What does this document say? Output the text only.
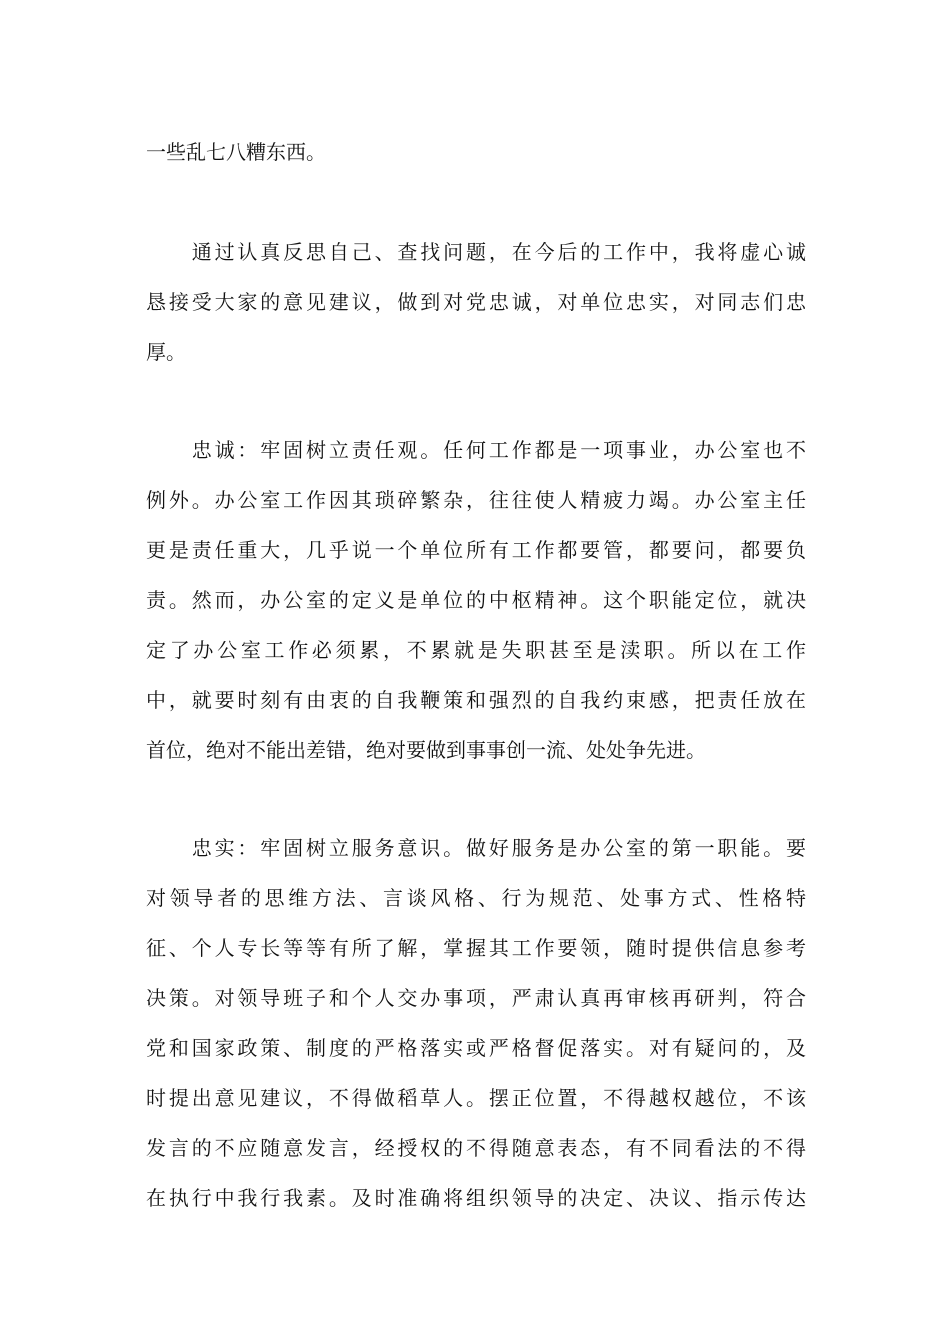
一些乱七八糟东西。
　　通过认真反思自己、查找问题，在今后的工作中，我将虚心诚
恳接受大家的意见建议，做到对党忠诚，对单位忠实，对同志们忠
厚。
　　忠诚：牢固树立责任观。任何工作都是一项事业，办公室也不
例外。办公室工作因其琐碎繁杂，往往使人精疲力竭。办公室主任
更是责任重大，几乎说一个单位所有工作都要管，都要问，都要负
责。然而，办公室的定义是单位的中枢精神。这个职能定位，就决
定了办公室工作必须累，不累就是失职甚至是渎职。所以在工作
中，就要时刻有由衷的自我鞭策和强烈的自我约束感，把责任放在
首位，绝对不能出差错，绝对要做到事事创一流、处处争先进。
　　忠实：牢固树立服务意识。做好服务是办公室的第一职能。要
对领导者的思维方法、言谈风格、行为规范、处事方式、性格特
征、个人专长等等有所了解，掌握其工作要领，随时提供信息参考
决策。对领导班子和个人交办事项，严肃认真再审核再研判，符合
党和国家政策、制度的严格落实或严格督促落实。对有疑问的，及
时提出意见建议，不得做稻草人。摆正位置，不得越权越位，不该
发言的不应随意发言，经授权的不得随意表态，有不同看法的不得
在执行中我行我素。及时准确将组织领导的决定、决议、指示传达
